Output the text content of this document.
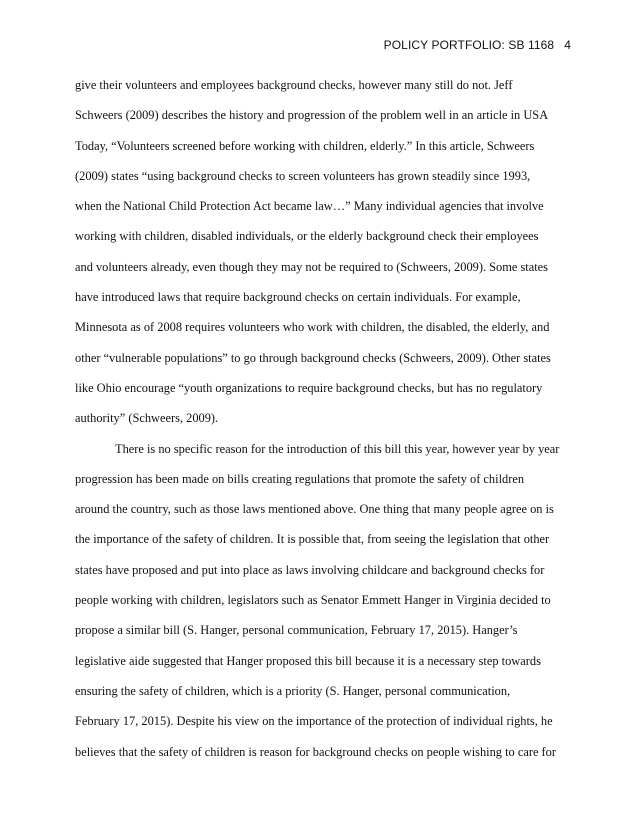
POLICY PORTFOLIO: SB 1168 4
give their volunteers and employees background checks, however many still do not. Jeff
Schweers (2009) describes the history and progression of the problem well in an article in USA
Today, “Volunteers screened before working with children, elderly.” In this article, Schweers
(2009) states “using background checks to screen volunteers has grown steadily since 1993,
when the National Child Protection Act became law…” Many individual agencies that involve
working with children, disabled individuals, or the elderly background check their employees
and volunteers already, even though they may not be required to (Schweers, 2009). Some states
have introduced laws that require background checks on certain individuals. For example,
Minnesota as of 2008 requires volunteers who work with children, the disabled, the elderly, and
other “vulnerable populations” to go through background checks (Schweers, 2009). Other states
like Ohio encourage “youth organizations to require background checks, but has no regulatory
authority” (Schweers, 2009).
There is no specific reason for the introduction of this bill this year, however year by year
progression has been made on bills creating regulations that promote the safety of children
around the country, such as those laws mentioned above. One thing that many people agree on is
the importance of the safety of children. It is possible that, from seeing the legislation that other
states have proposed and put into place as laws involving childcare and background checks for
people working with children, legislators such as Senator Emmett Hanger in Virginia decided to
propose a similar bill (S. Hanger, personal communication, February 17, 2015). Hanger’s
legislative aide suggested that Hanger proposed this bill because it is a necessary step towards
ensuring the safety of children, which is a priority (S. Hanger, personal communication,
February 17, 2015). Despite his view on the importance of the protection of individual rights, he
believes that the safety of children is reason for background checks on people wishing to care for
